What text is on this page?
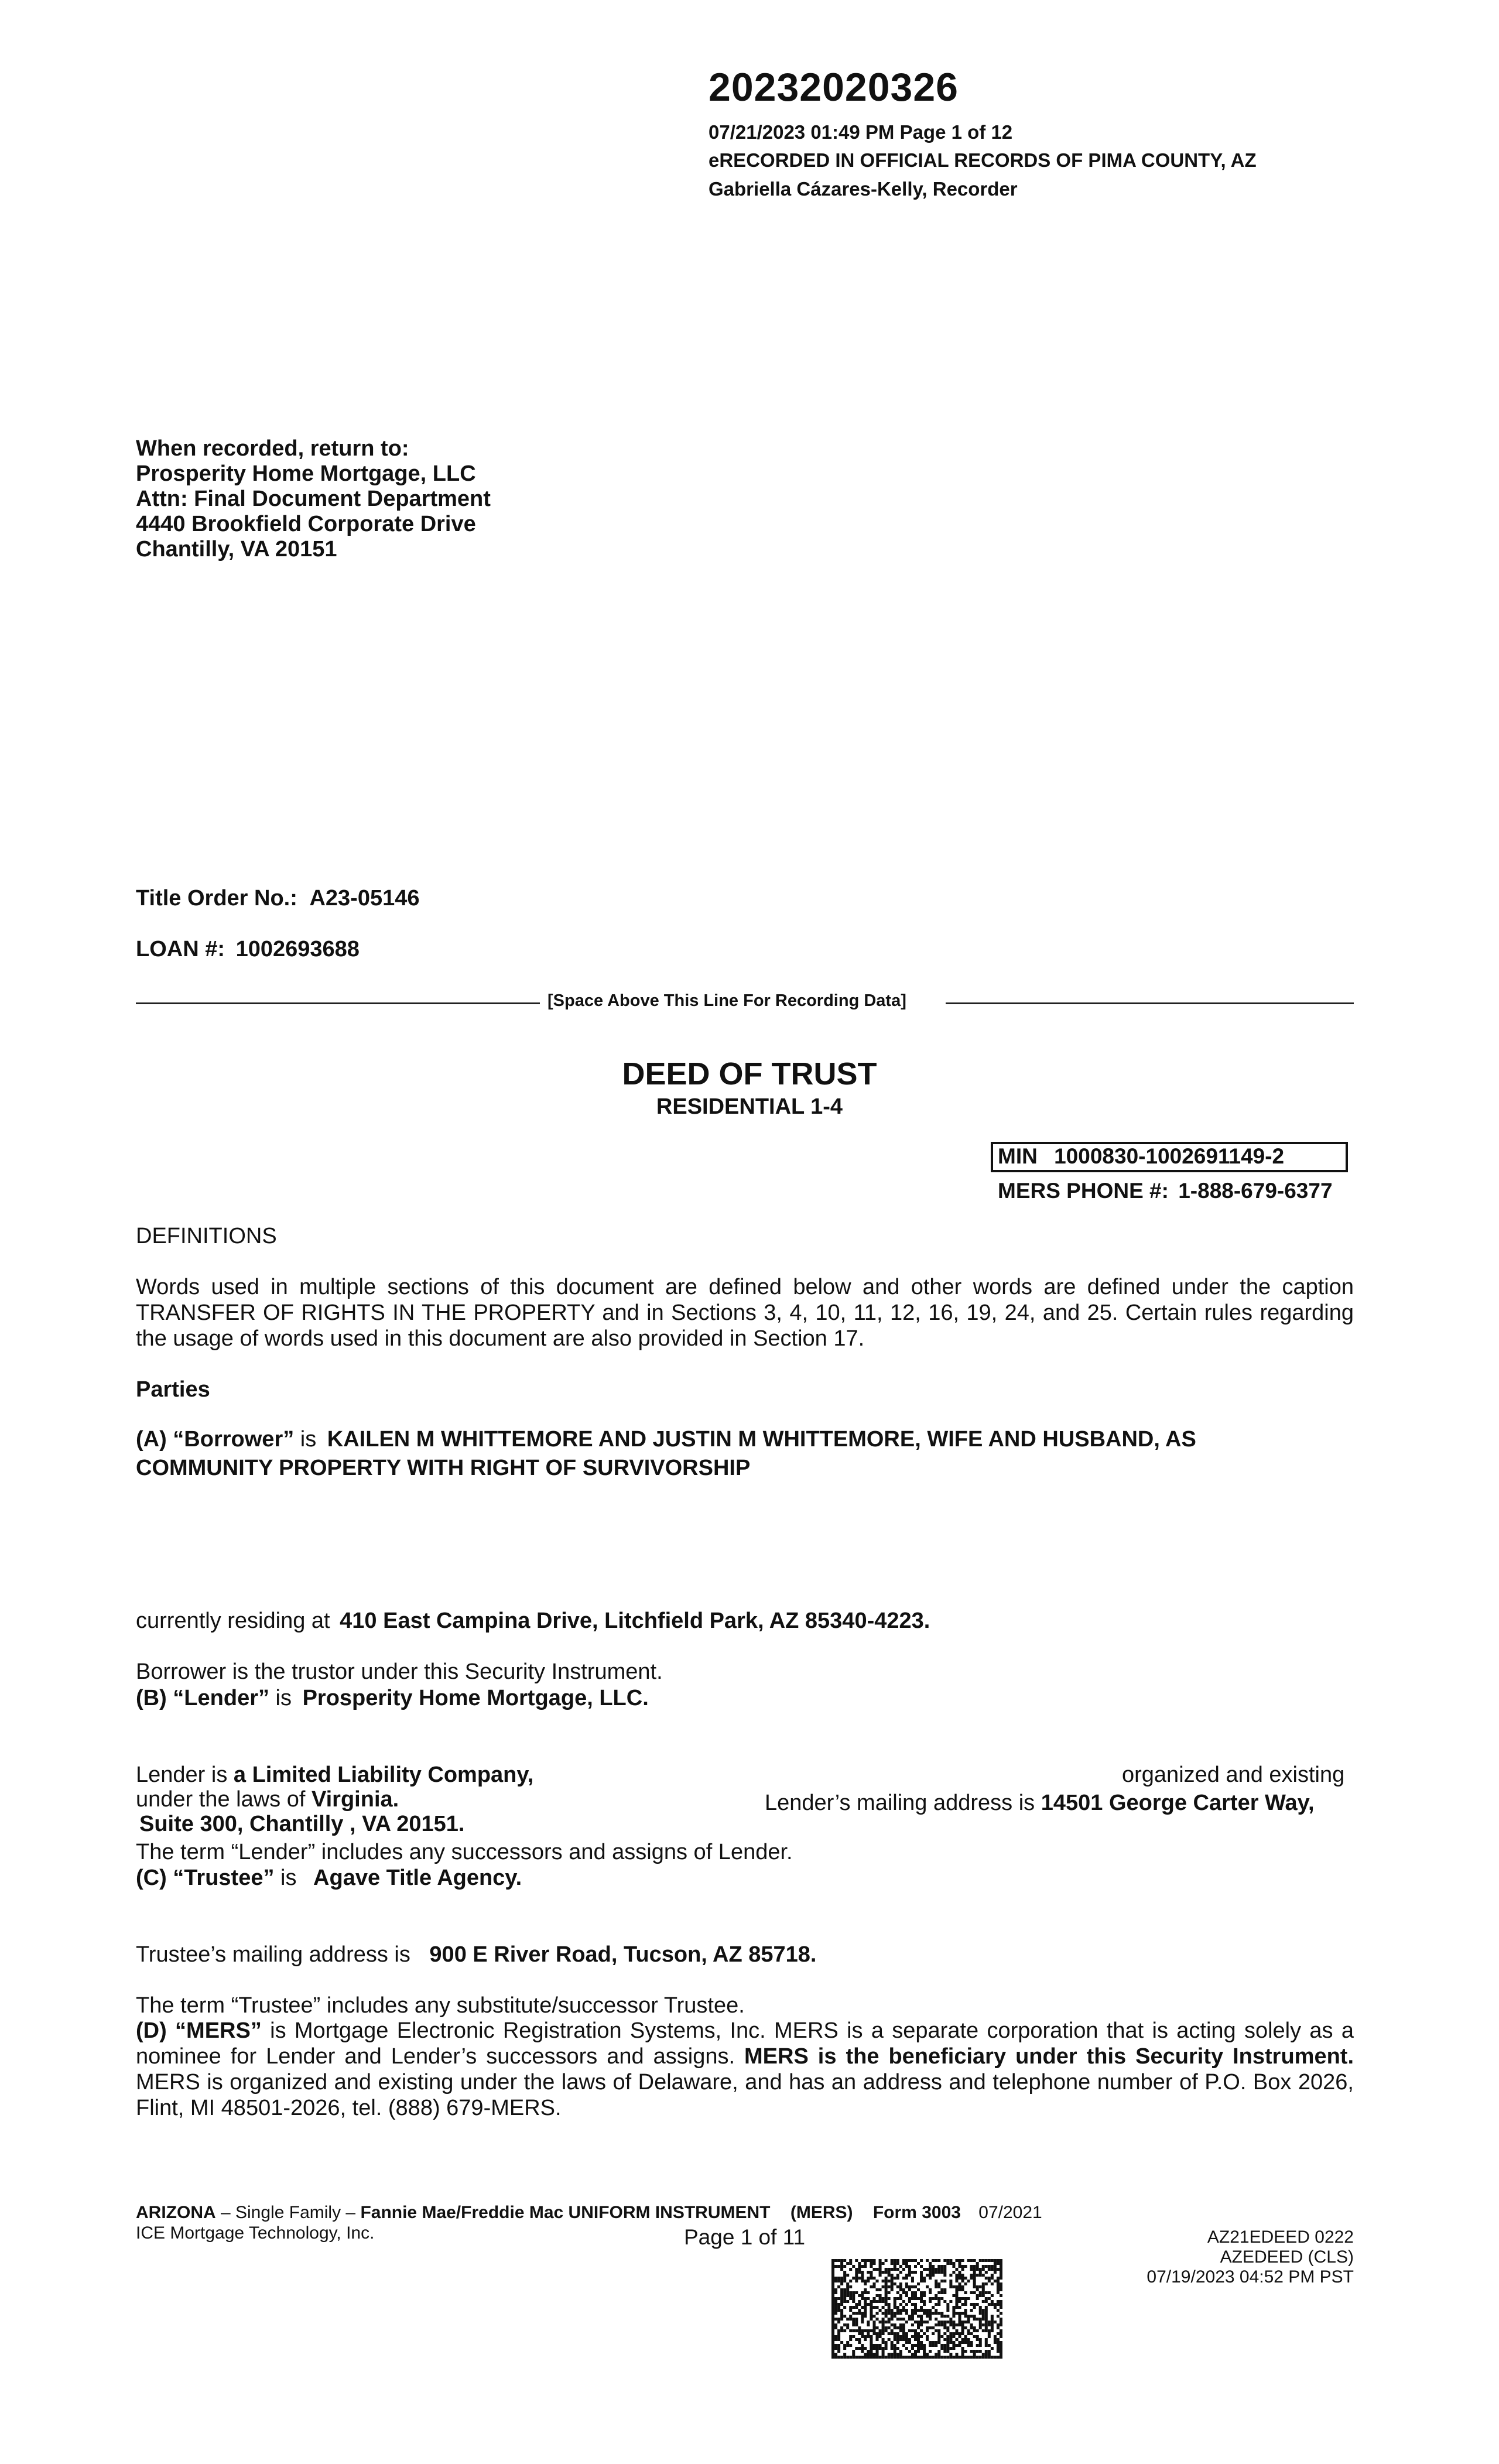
20232020326
07/21/2023 01:49 PM Page 1 of 12
eRECORDED IN OFFICIAL RECORDS OF PIMA COUNTY, AZ
Gabriella Cázares-Kelly, Recorder
When recorded, return to:
Prosperity Home Mortgage, LLC
Attn: Final Document Department
4440 Brookfield Corporate Drive
Chantilly, VA 20151
Title Order No.: A23-05146
LOAN #: 1002693688
[Space Above This Line For Recording Data]
DEED OF TRUST
RESIDENTIAL 1-4
MIN 1000830-1002691149-2
MERS PHONE #: 1-888-679-6377
DEFINITIONS
Words used in multiple sections of this document are defined below and other words are defined under the caption
TRANSFER OF RIGHTS IN THE PROPERTY and in Sections 3, 4, 10, 11, 12, 16, 19, 24, and 25. Certain rules regarding
the usage of words used in this document are also provided in Section 17.
Parties
(A) “Borrower” is KAILEN M WHITTEMORE AND JUSTIN M WHITTEMORE, WIFE AND HUSBAND, AS
COMMUNITY PROPERTY WITH RIGHT OF SURVIVORSHIP
currently residing at 410 East Campina Drive, Litchfield Park, AZ 85340-4223.
Borrower is the trustor under this Security Instrument.
(B) “Lender” is Prosperity Home Mortgage, LLC.
Lender is a Limited Liability Company,	organized and existing
under the laws of Virginia.	Lender’s mailing address is 14501 George Carter Way,
Suite 300, Chantilly , VA 20151.
The term “Lender” includes any successors and assigns of Lender.
(C) “Trustee” is Agave Title Agency.
Trustee’s mailing address is 900 E River Road, Tucson, AZ 85718.
The term “Trustee” includes any substitute/successor Trustee.
(D) “MERS” is Mortgage Electronic Registration Systems, Inc. MERS is a separate corporation that is acting solely as a
nominee for Lender and Lender’s successors and assigns. MERS is the beneficiary under this Security Instrument.
MERS is organized and existing under the laws of Delaware, and has an address and telephone number of P.O. Box 2026,
Flint, MI 48501-2026, tel. (888) 679-MERS.
ARIZONA – Single Family – Fannie Mae/Freddie Mac UNIFORM INSTRUMENT (MERS) Form 3003 07/2021
ICE Mortgage Technology, Inc.	Page 1 of 11	AZ21EDEED 0222
AZEDEED (CLS)
07/19/2023 04:52 PM PST
